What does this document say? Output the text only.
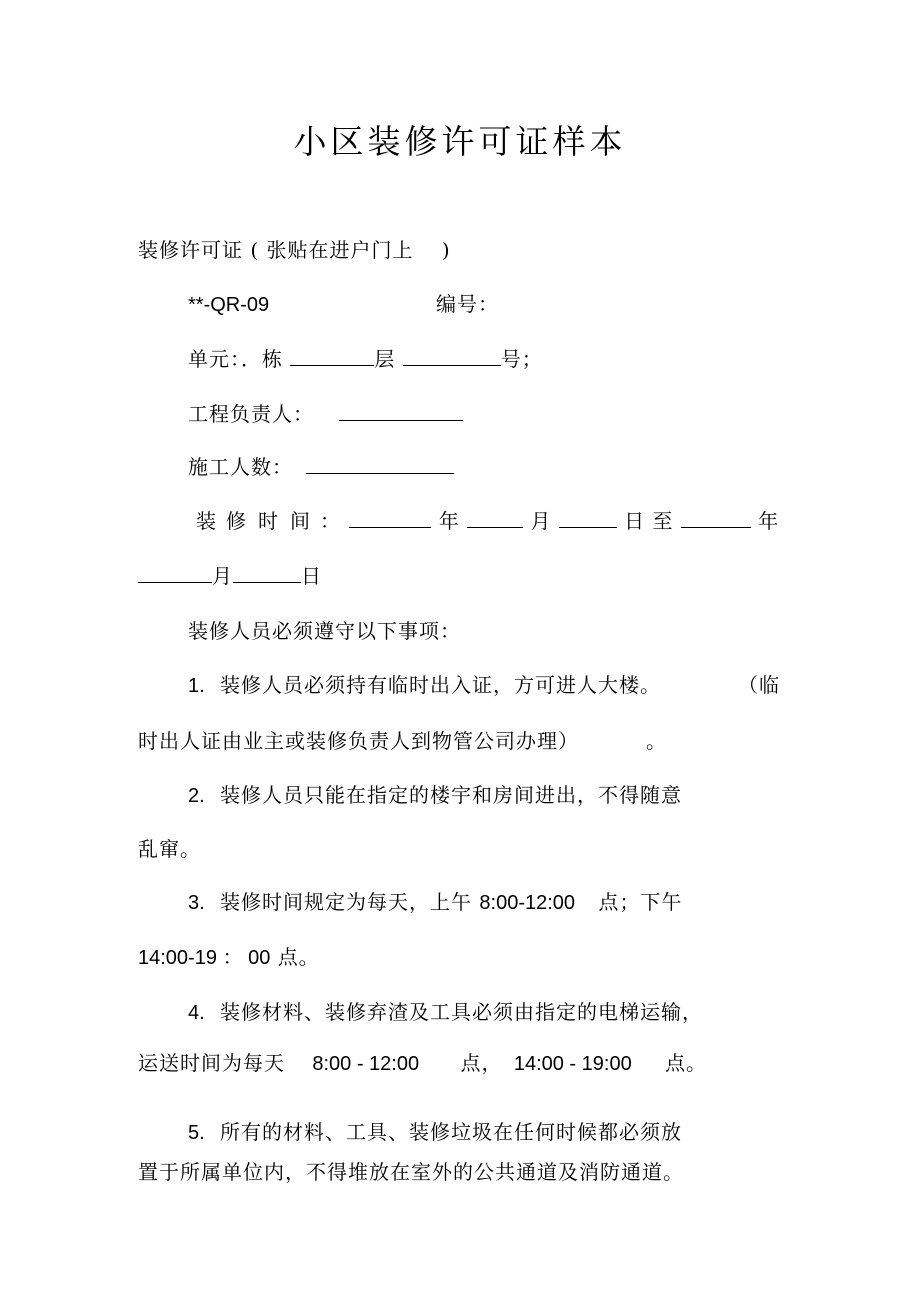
小区装修许可证样本
装修许可证 ( 张贴在进户门上 　)
**-QR-09	编号：
单元：．栋	层	号；
工程负责人：
施工人数：
装 修 时 间 ：	年	月	日 至	年
月	日
装修人员必须遵守以下事项：
1. 装修人员必须持有临时出入证，方可进人大楼。	（临
时出人证由业主或装修负责人到物管公司办理）	。
2. 装修人员只能在指定的楼宇和房间进出，不得随意
乱窜。
3. 装修时间规定为每天，上午 8:00-12:00 点；下午
14:00-19 ： 00 点。
4. 装修材料、装修弃渣及工具必须由指定的电梯运输，
运送时间为每天 8:00 - 12:00 点， 14:00 - 19:00 点。
5. 所有的材料、工具、装修垃圾在任何时候都必须放
置于所属单位内，不得堆放在室外的公共通道及消防通道。
